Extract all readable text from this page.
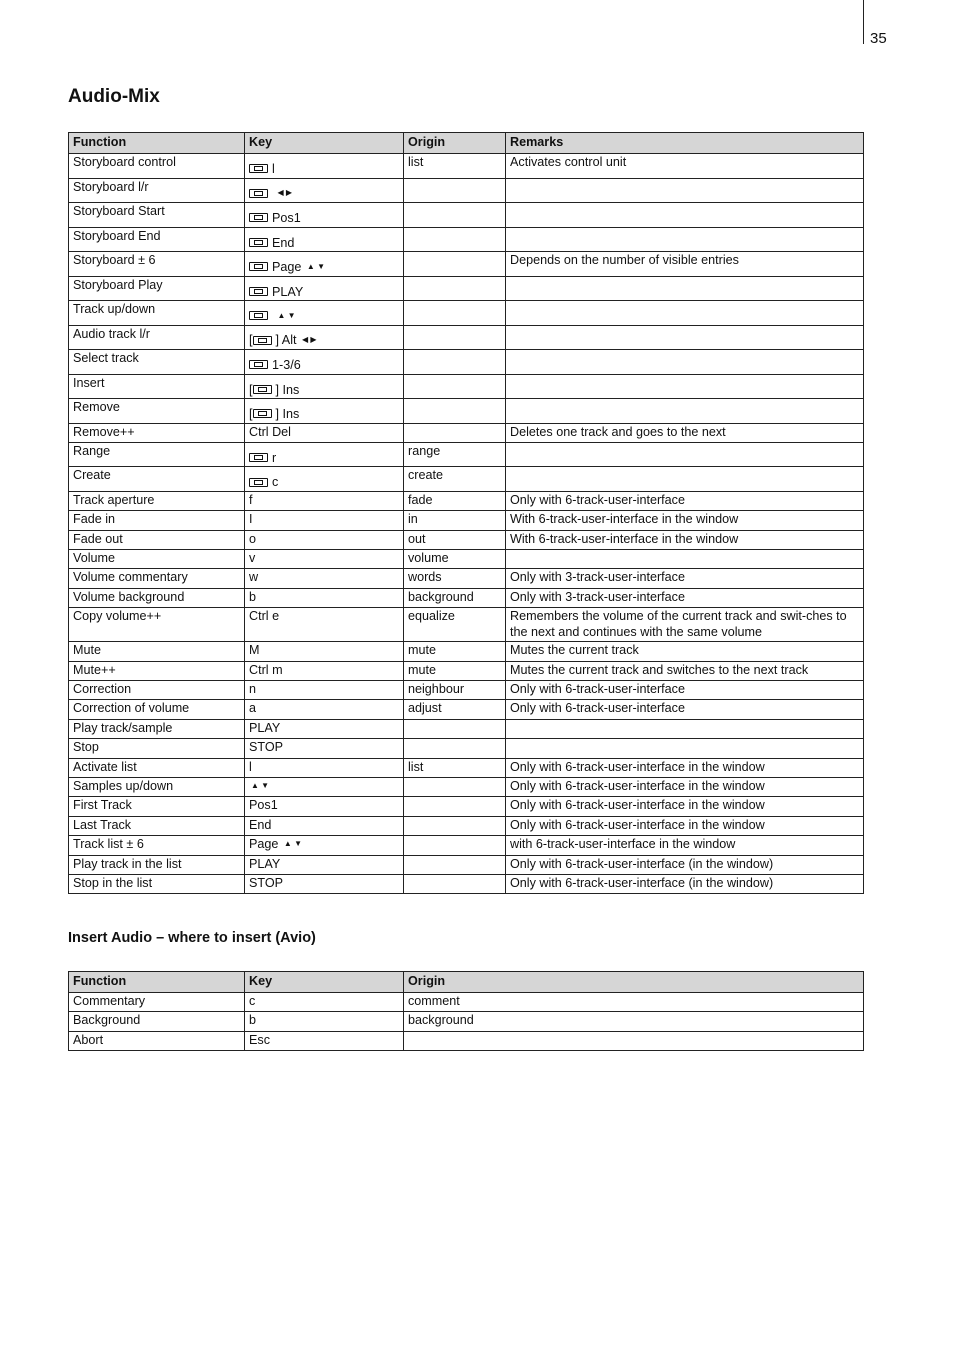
35
Audio-Mix
Function	Key	Origin	Remarks
Storyboard control	l	list	Activates control unit
Storyboard l/r	◀ ▶		
Storyboard Start	Pos1		
Storyboard End	End		
Storyboard ± 6	Page ▲ ▼		Depends on the number of visible entries
Storyboard Play	PLAY		
Track up/down	▲ ▼		
Audio track l/r	[ ] Alt ◀ ▶		
Select track	1-3/6		
Insert	[ ] Ins		
Remove	[ ] Ins		
Remove++	Ctrl Del		Deletes one track and goes to the next
Range	r	range	
Create	c	create	
Track aperture	f	fade	Only with 6-track-user-interface
Fade in	I	in	With 6-track-user-interface in the window
Fade out	o	out	With 6-track-user-interface in the window
Volume	v	volume	
Volume commentary	w	words	Only with 3-track-user-interface
Volume background	b	background	Only with 3-track-user-interface
Copy volume++	Ctrl e	equalize	Remembers the volume of the current track and swit-ches to the next and continues with the same volume
Mute	M	mute	Mutes the current track
Mute++	Ctrl m	mute	Mutes the current track and switches to the next track
Correction	n	neighbour	Only with 6-track-user-interface
Correction of volume	a	adjust	Only with 6-track-user-interface
Play track/sample	PLAY		
Stop	STOP		
Activate list	l	list	Only with 6-track-user-interface in the window
Samples up/down	▲ ▼		Only with 6-track-user-interface in the window
First Track	Pos1		Only with 6-track-user-interface in the window
Last Track	End		Only with 6-track-user-interface in the window
Track list ± 6	Page ▲ ▼		with 6-track-user-interface in the window
Play track in the list	PLAY		Only with 6-track-user-interface (in the window)
Stop in the list	STOP		Only with 6-track-user-interface (in the window)
Insert Audio – where to insert (Avio)
Function	Key	Origin
Commentary	c	comment
Background	b	background
Abort	Esc	
